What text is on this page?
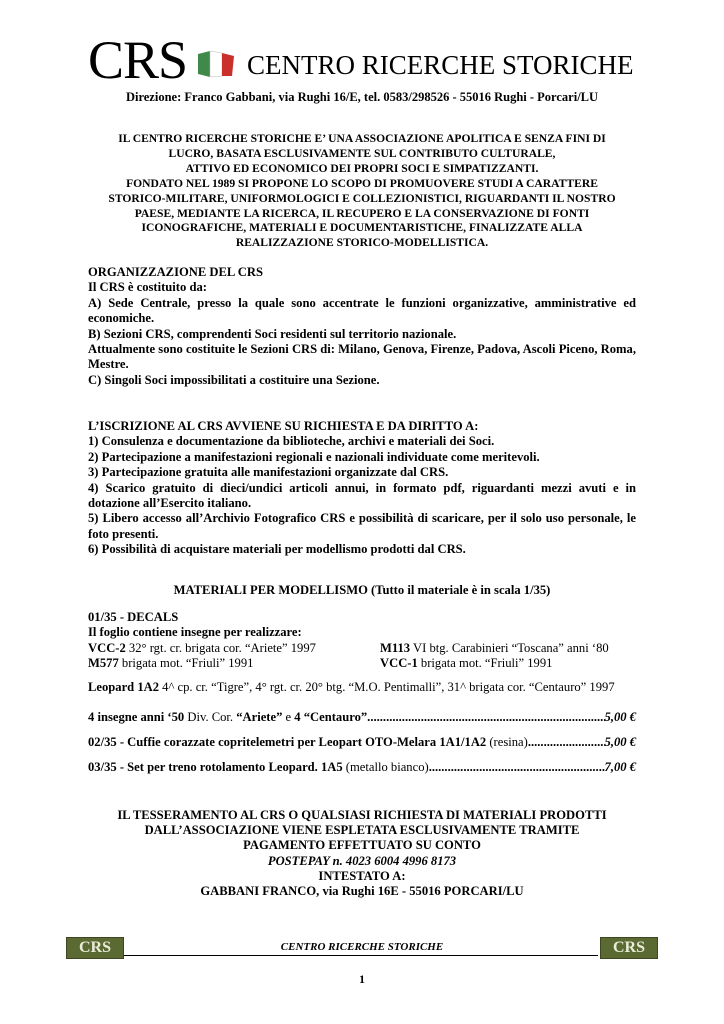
CRS CENTRO RICERCHE STORICHE
Direzione: Franco Gabbani, via Rughi 16/E, tel. 0583/298526 - 55016 Rughi - Porcari/LU
IL CENTRO RICERCHE STORICHE E’ UNA ASSOCIAZIONE APOLITICA E SENZA FINI DI
LUCRO, BASATA ESCLUSIVAMENTE SUL CONTRIBUTO CULTURALE,
ATTIVO ED ECONOMICO DEI PROPRI SOCI E SIMPATIZZANTI.
FONDATO NEL 1989 SI PROPONE LO SCOPO DI PROMUOVERE STUDI A CARATTERE
STORICO-MILITARE, UNIFORMOLOGICI E COLLEZIONISTICI, RIGUARDANTI IL NOSTRO
PAESE, MEDIANTE LA RICERCA, IL RECUPERO E LA CONSERVAZIONE DI FONTI
ICONOGRAFICHE, MATERIALI E DOCUMENTARISTICHE, FINALIZZATE ALLA
REALIZZAZIONE STORICO-MODELLISTICA.

ORGANIZZAZIONE DEL CRS

Il CRS è costituito da:

A) Sede Centrale, presso la quale sono accentrate le funzioni organizzative, amministrative ed economiche.

B) Sezioni CRS, comprendenti Soci residenti sul territorio nazionale.

Attualmente sono costituite le Sezioni CRS di: Milano, Genova, Firenze, Padova, Ascoli Piceno, Roma, Mestre.

C) Singoli Soci impossibilitati a costituire una Sezione.

L’ISCRIZIONE AL CRS AVVIENE SU RICHIESTA E DA DIRITTO A:

1) Consulenza e documentazione da biblioteche, archivi e materiali dei Soci.

2) Partecipazione a manifestazioni regionali e nazionali individuate come meritevoli.

3) Partecipazione gratuita alle manifestazioni organizzate dal CRS.

4) Scarico gratuito di dieci/undici articoli annui, in formato pdf, riguardanti mezzi avuti e in dotazione all’Esercito italiano.

5) Libero accesso all’Archivio Fotografico CRS e possibilità di scaricare, per il solo uso personale, le foto presenti.

6) Possibilità di acquistare materiali per modellismo prodotti dal CRS.

MATERIALI PER MODELLISMO (Tutto il materiale è in scala 1/35)

01/35 - DECALS

Il foglio contiene insegne per realizzare:

VCC-2 32° rgt. cr. brigata cor. “Ariete” 1997	M113 VI btg. Carabinieri “Toscana” anni ‘80
M577 brigata mot. “Friuli” 1991	VCC-1 brigata mot. “Friuli” 1991
Leopard 1A2 4^ cp. cr. “Tigre”, 4° rgt. cr. 20° btg. “M.O. Pentimalli”, 31^ brigata cor. “Centauro” 1997
4 insegne anni ‘50 Div. Cor. “Ariete” e 4 “Centauro” .....	5,00 €
02/35 - Cuffie corazzate copritelemetri per Leopart OTO-Melara 1A1/1A2 (resina) .....	5,00 €
03/35 - Set per treno rotolamento Leopard. 1A5 (metallo bianco) .....	7,00 €
IL TESSERAMENTO AL CRS O QUALSIASI RICHIESTA DI MATERIALI PRODOTTI
DALL’ASSOCIAZIONE VIENE ESPLETATA ESCLUSIVAMENTE TRAMITE
PAGAMENTO EFFETTUATO SU CONTO
POSTEPAY n. 4023 6004 4996 8173
INTESTATO A:
GABBANI FRANCO, via Rughi 16E - 55016 PORCARI/LU
CRS	CENTRO RICERCHE STORICHE	CRS
1
